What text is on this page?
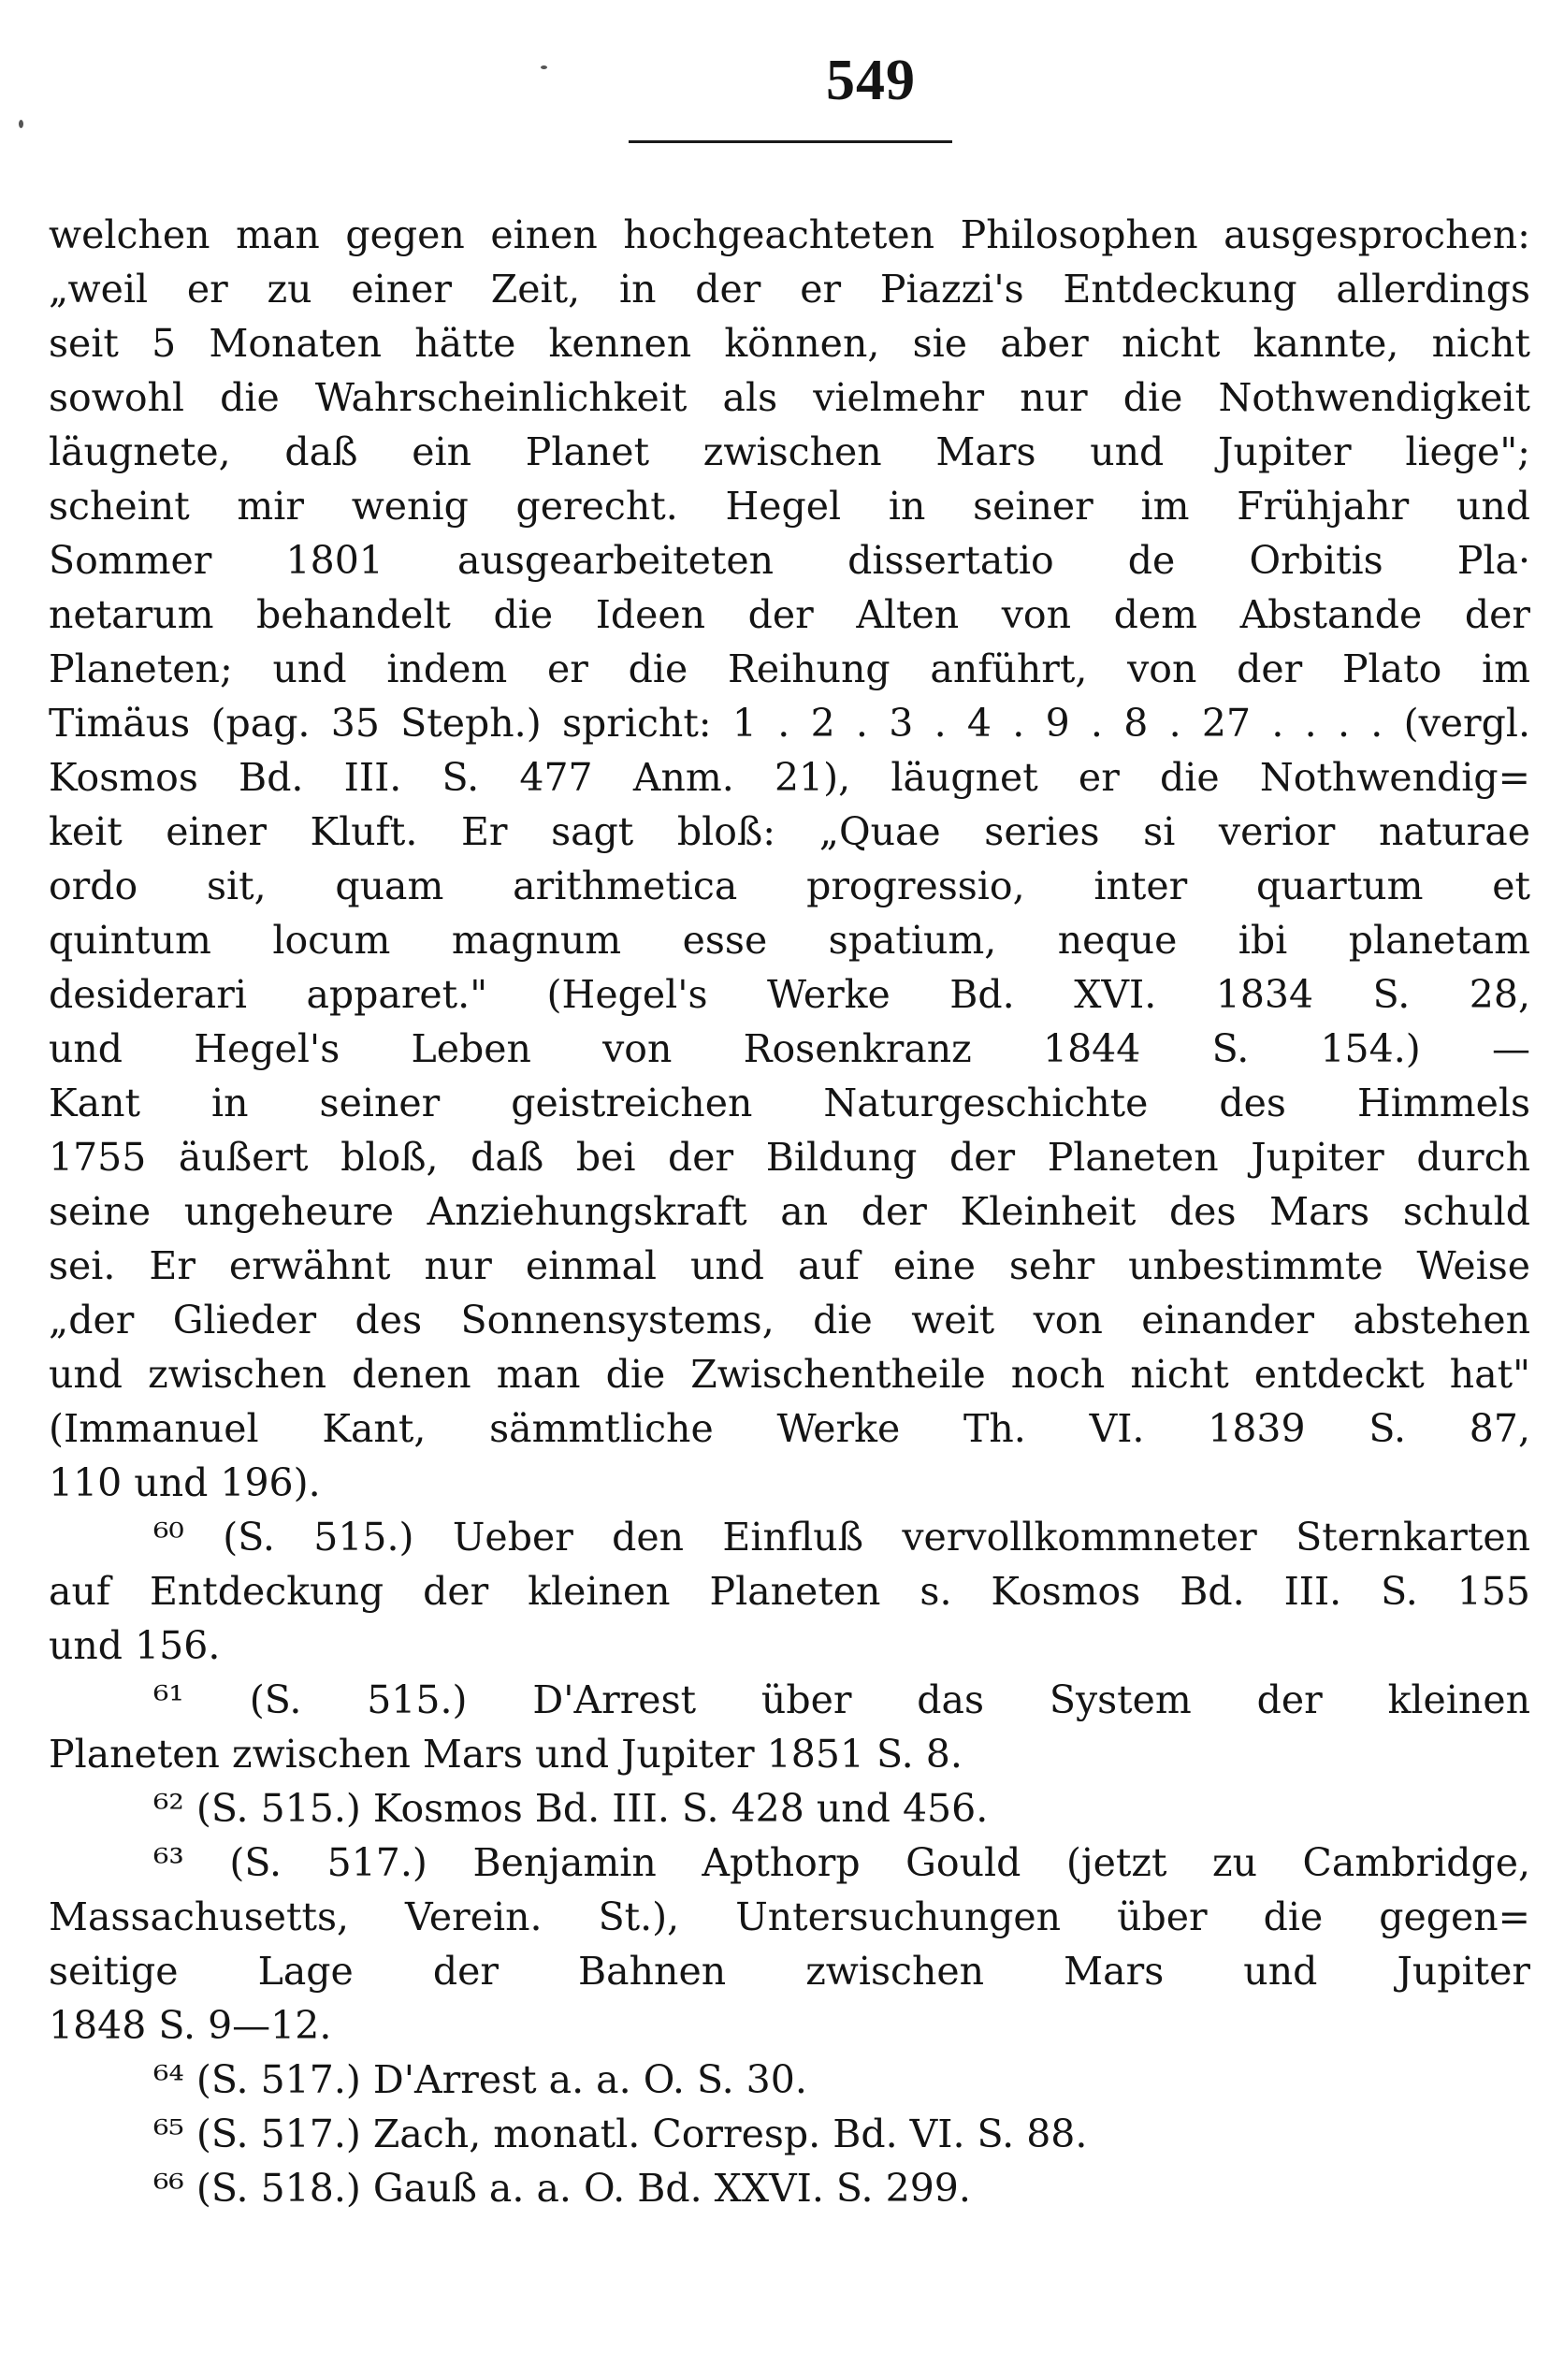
549
welchen man gegen einen hochgeachteten Philosophen ausgesprochen:
„weil er zu einer Zeit, in der er Piazzi's Entdeckung allerdings
seit 5 Monaten hätte kennen können, sie aber nicht kannte, nicht
sowohl die Wahrscheinlichkeit als vielmehr nur die Nothwendigkeit
läugnete, daß ein Planet zwischen Mars und Jupiter liege";
scheint mir wenig gerecht. Hegel in seiner im Frühjahr und
Sommer 1801 ausgearbeiteten dissertatio de Orbitis Pla·
netarum behandelt die Ideen der Alten von dem Abstande der
Planeten; und indem er die Reihung anführt, von der Plato im
Timäus (pag. 35 Steph.) spricht: 1 . 2 . 3 . 4 . 9 . 8 . 27 . . . . (vergl.
Kosmos Bd. III. S. 477 Anm. 21), läugnet er die Nothwendig=
keit einer Kluft. Er sagt bloß: „Quae series si verior naturae
ordo sit, quam arithmetica progressio, inter quartum et
quintum locum magnum esse spatium, neque ibi planetam
desiderari apparet." (Hegel's Werke Bd. XVI. 1834 S. 28,
und Hegel's Leben von Rosenkranz 1844 S. 154.) —
Kant in seiner geistreichen Naturgeschichte des Himmels
1755 äußert bloß, daß bei der Bildung der Planeten Jupiter durch
seine ungeheure Anziehungskraft an der Kleinheit des Mars schuld
sei. Er erwähnt nur einmal und auf eine sehr unbestimmte Weise
„der Glieder des Sonnensystems, die weit von einander abstehen
und zwischen denen man die Zwischentheile noch nicht entdeckt hat"
(Immanuel Kant, sämmtliche Werke Th. VI. 1839 S. 87,
110 und 196).
⁶⁰ (S. 515.) Ueber den Einfluß vervollkommneter Sternkarten
auf Entdeckung der kleinen Planeten s. Kosmos Bd. III. S. 155
und 156.
⁶¹ (S. 515.) D'Arrest über das System der kleinen
Planeten zwischen Mars und Jupiter 1851 S. 8.
⁶² (S. 515.) Kosmos Bd. III. S. 428 und 456.
⁶³ (S. 517.) Benjamin Apthorp Gould (jetzt zu Cambridge,
Massachusetts, Verein. St.), Untersuchungen über die gegen=
seitige Lage der Bahnen zwischen Mars und Jupiter
1848 S. 9—12.
⁶⁴ (S. 517.) D'Arrest a. a. O. S. 30.
⁶⁵ (S. 517.) Zach, monatl. Corresp. Bd. VI. S. 88.
⁶⁶ (S. 518.) Gauß a. a. O. Bd. XXVI. S. 299.
